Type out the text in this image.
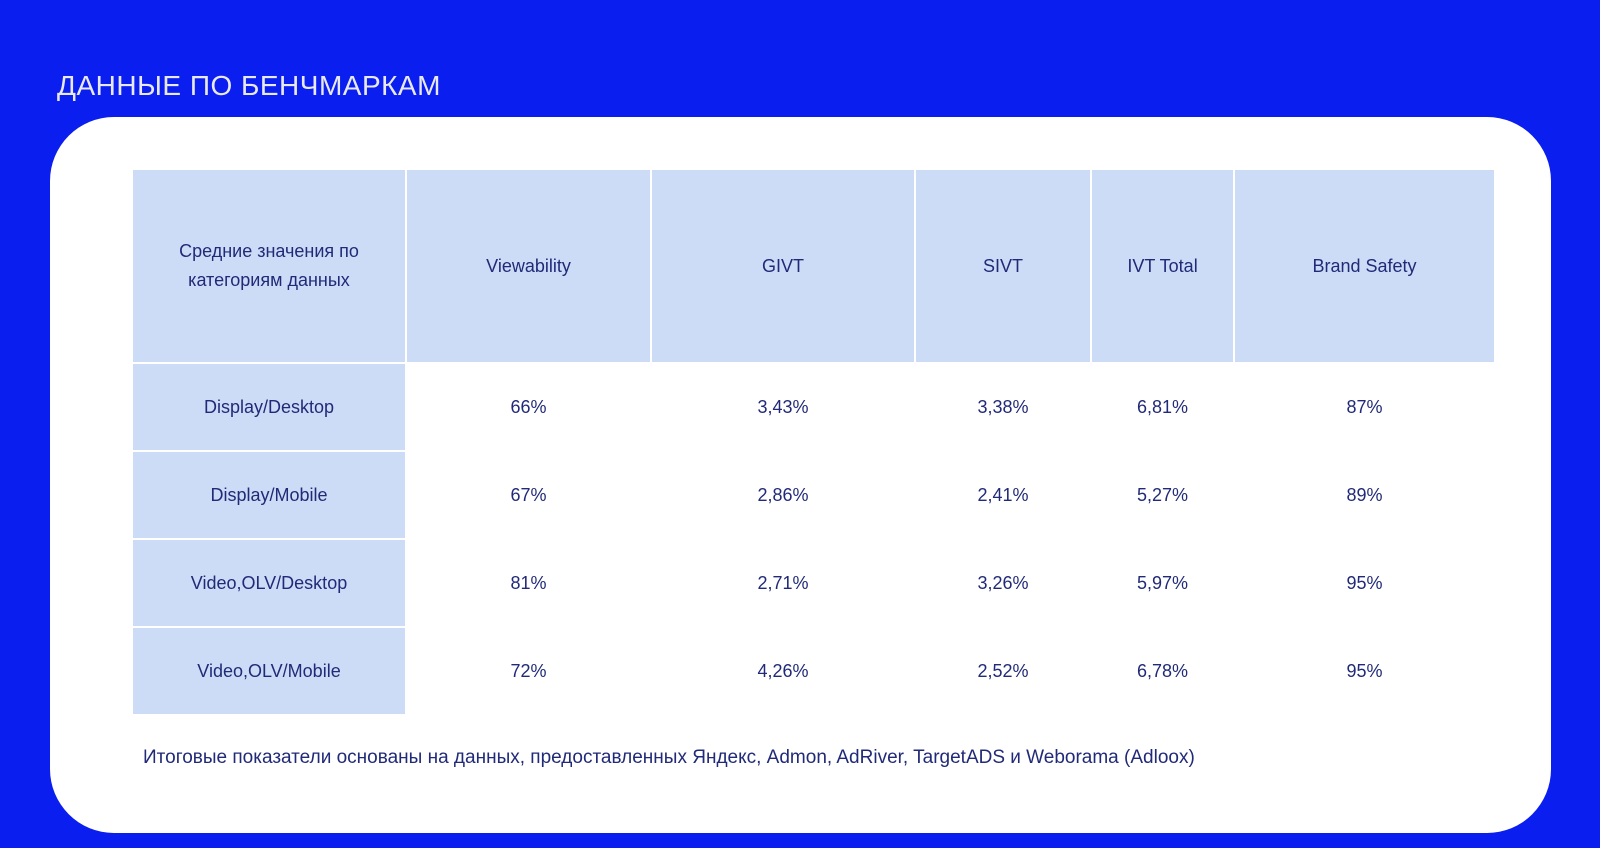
ДАННЫЕ ПО БЕНЧМАРКАМ
Средние значения по категориям данных	Viewability	GIVT	SIVT	IVT Total	Brand Safety
Display/Desktop	66%	3,43%	3,38%	6,81%	87%
Display/Mobile	67%	2,86%	2,41%	5,27%	89%
Video,OLV/Desktop	81%	2,71%	3,26%	5,97%	95%
Video,OLV/Mobile	72%	4,26%	2,52%	6,78%	95%
Итоговые показатели основаны на данных, предоставленных Яндекс, Admon, AdRiver, TargetADS и Weborama (Adloox)
